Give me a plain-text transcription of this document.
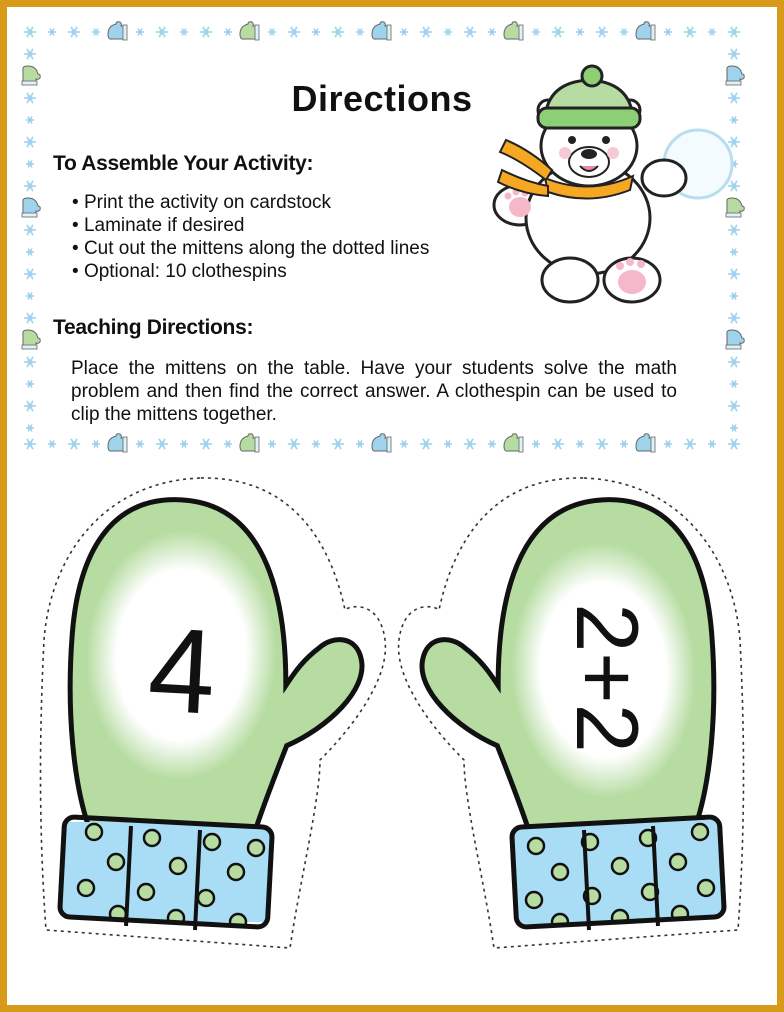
Directions
To Assemble Your Activity:
• Print the activity on cardstock
• Laminate if desired
• Cut out the mittens along the dotted lines
• Optional: 10 clothespins
Teaching Directions:
Place the mittens on the table. Have your students solve the math problem and then find the correct answer. A clothespin can be used to clip the mittens together.
4	2+2
